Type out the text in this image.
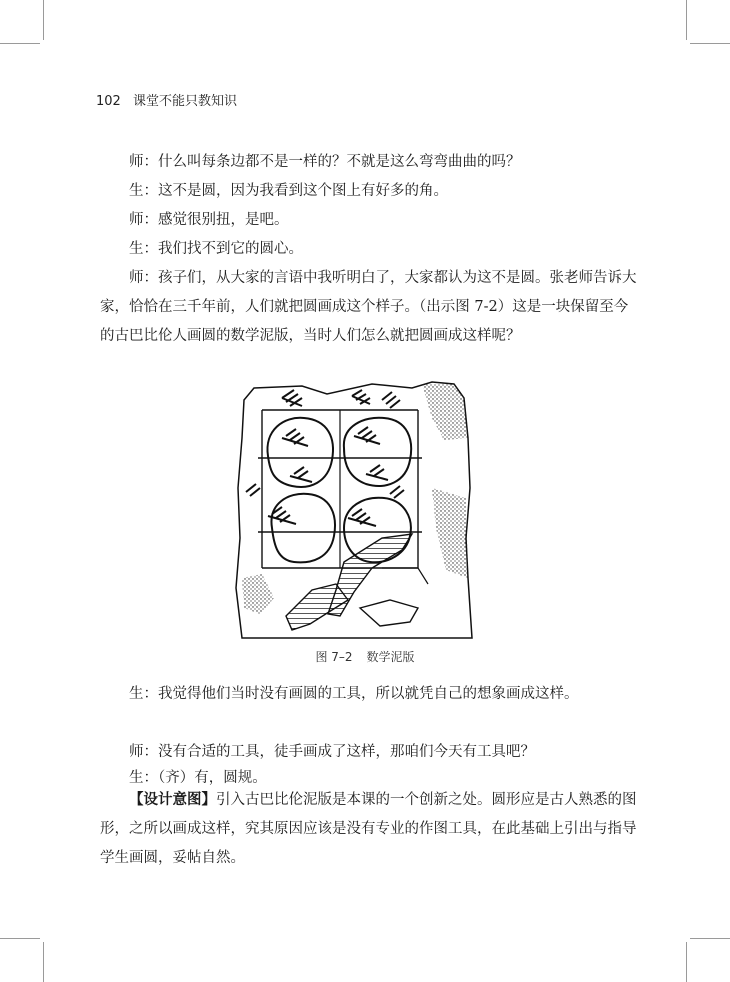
102 课堂不能只教知识

师：什么叫每条边都不是一样的？不就是这么弯弯曲曲的吗？

生：这不是圆，因为我看到这个图上有好多的角。

师：感觉很别扭，是吧。

生：我们找不到它的圆心。

师：孩子们，从大家的言语中我听明白了，大家都认为这不是圆。张老师告诉大家，恰恰在三千年前，人们就把圆画成这个样子。（出示图 7-2）这是一块保留至今的古巴比伦人画圆的数学泥版，当时人们怎么就把圆画成这样呢？

图 7–2 数学泥版

生：我觉得他们当时没有画圆的工具，所以就凭自己的想象画成这样。

师：没有合适的工具，徒手画成了这样，那咱们今天有工具吧？

生：（齐）有，圆规。

【设计意图】引入古巴比伦泥版是本课的一个创新之处。圆形应是古人熟悉的图形，之所以画成这样，究其原因应该是没有专业的作图工具，在此基础上引出与指导学生画圆，妥帖自然。
